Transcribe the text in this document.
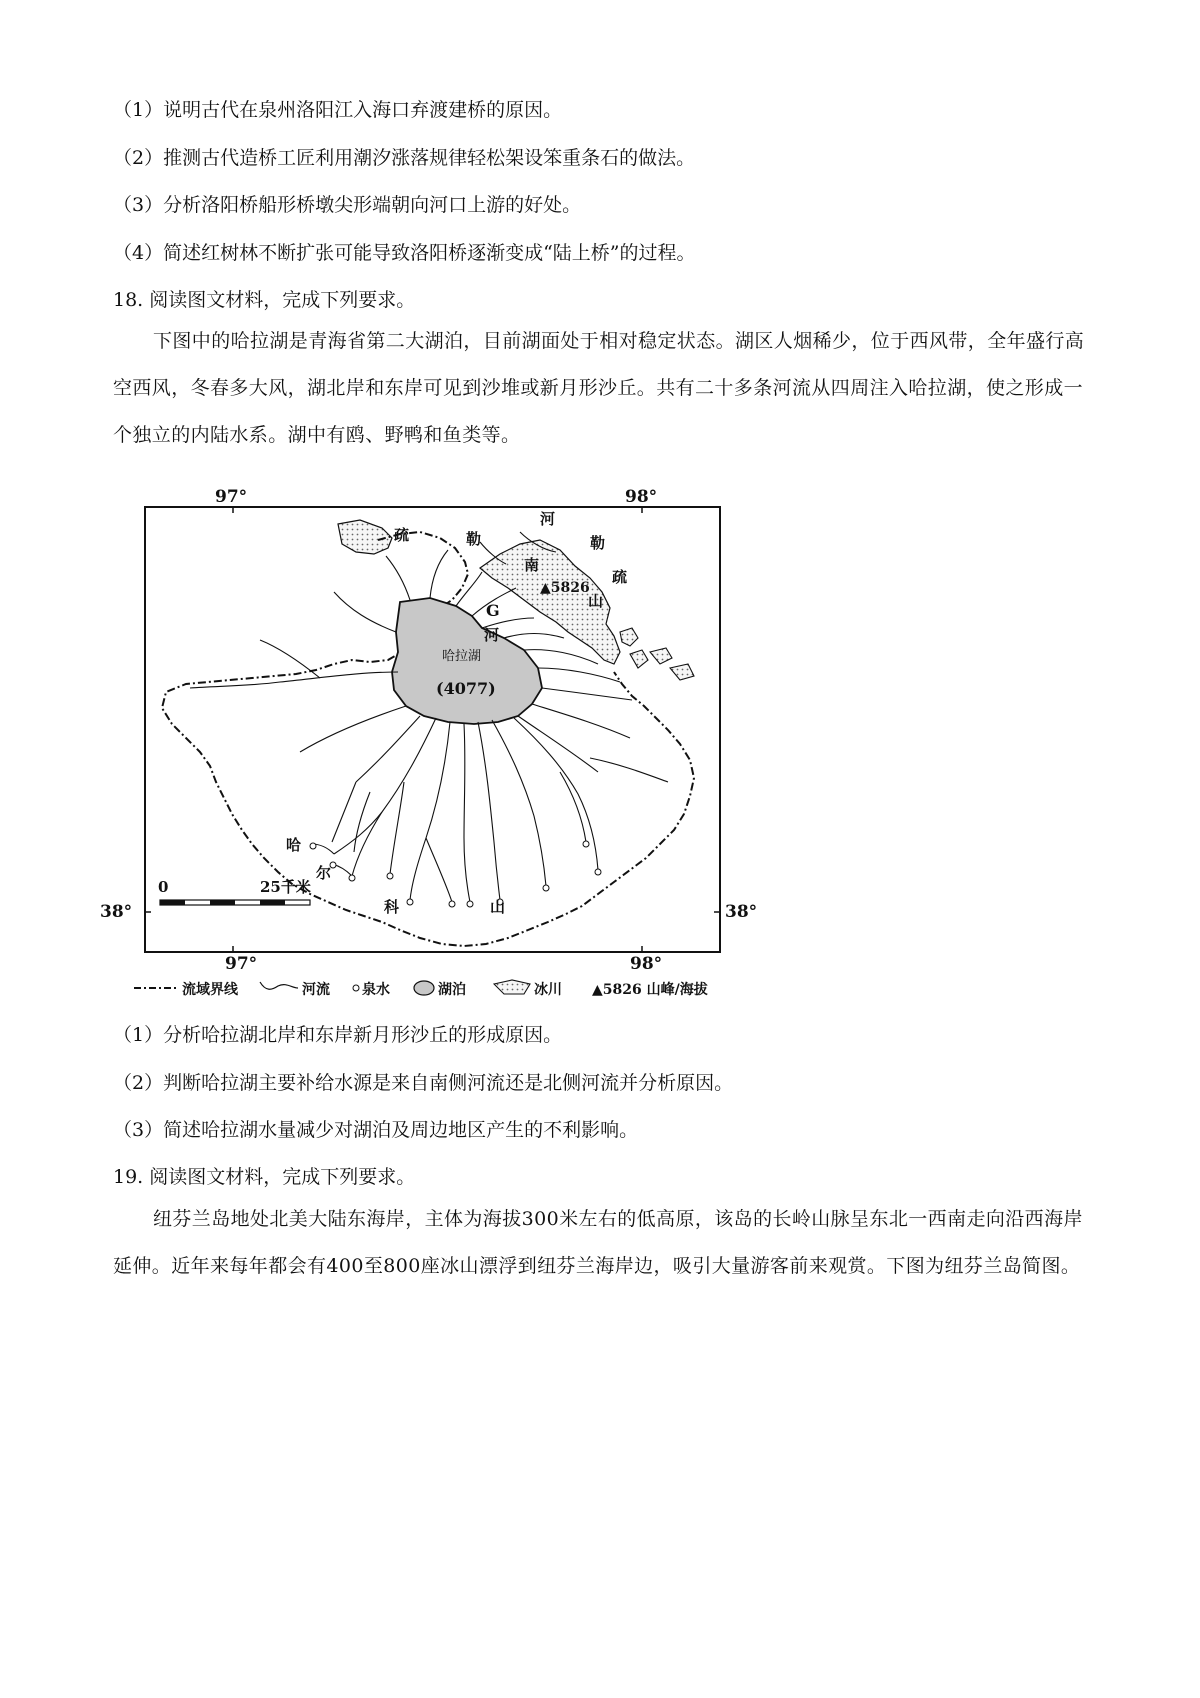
（1）说明古代在泉州洛阳江入海口弃渡建桥的原因。
（2）推测古代造桥工匠利用潮汐涨落规律轻松架设笨重条石的做法。
（3）分析洛阳桥船形桥墩尖形端朝向河口上游的好处。
（4）简述红树林不断扩张可能导致洛阳桥逐渐变成“陆上桥”的过程。
18. 阅读图文材料，完成下列要求。
下图中的哈拉湖是青海省第二大湖泊，目前湖面处于相对稳定状态。湖区人烟稀少，位于西风带，全年盛行高空西风，冬春多大风，湖北岸和东岸可见到沙堆或新月形沙丘。共有二十多条河流从四周注入哈拉湖，使之形成一个独立的内陆水系。湖中有鸥、野鸭和鱼类等。
97°	98°
38°	38°
97°	98°
哈拉湖
(4077)
▲5826
G
河
疏	勒
南
山
河
勒
疏
哈
尔
科	山
0	25千米
流域界线	河流 泉水	湖泊	冰川 ▲5826 山峰/海拔
（1）分析哈拉湖北岸和东岸新月形沙丘的形成原因。
（2）判断哈拉湖主要补给水源是来自南侧河流还是北侧河流并分析原因。
（3）简述哈拉湖水量减少对湖泊及周边地区产生的不利影响。
19. 阅读图文材料，完成下列要求。
纽芬兰岛地处北美大陆东海岸，主体为海拔300米左右的低高原，该岛的长岭山脉呈东北一西南走向沿西海岸延伸。近年来每年都会有400至800座冰山漂浮到纽芬兰海岸边，吸引大量游客前来观赏。下图为纽芬兰岛简图。
